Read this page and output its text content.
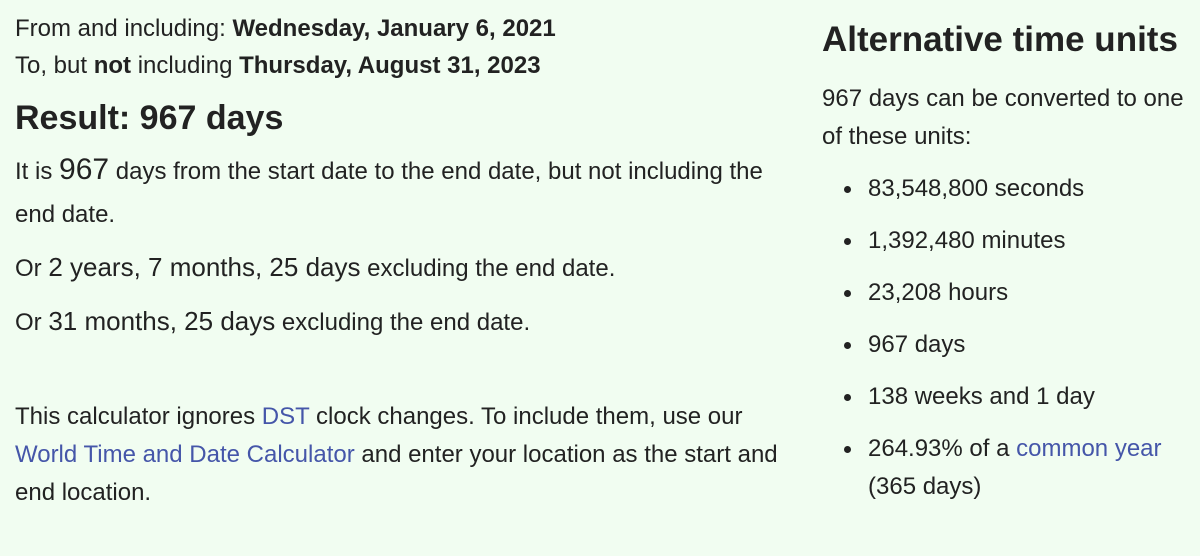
From and including: Wednesday, January 6, 2021

To, but not including Thursday, August 31, 2023

Result: 967 days

It is 967 days from the start date to the end date, but not including the end date.

Or 2 years, 7 months, 25 days excluding the end date.

Or 31 months, 25 days excluding the end date.

This calculator ignores DST clock changes. To include them, use our World Time and Date Calculator and enter your location as the start and end location.

Alternative time units

967 days can be converted to one of these units:

83,548,800 seconds
1,392,480 minutes
23,208 hours
967 days
138 weeks and 1 day
264.93% of a common year
(365 days)
